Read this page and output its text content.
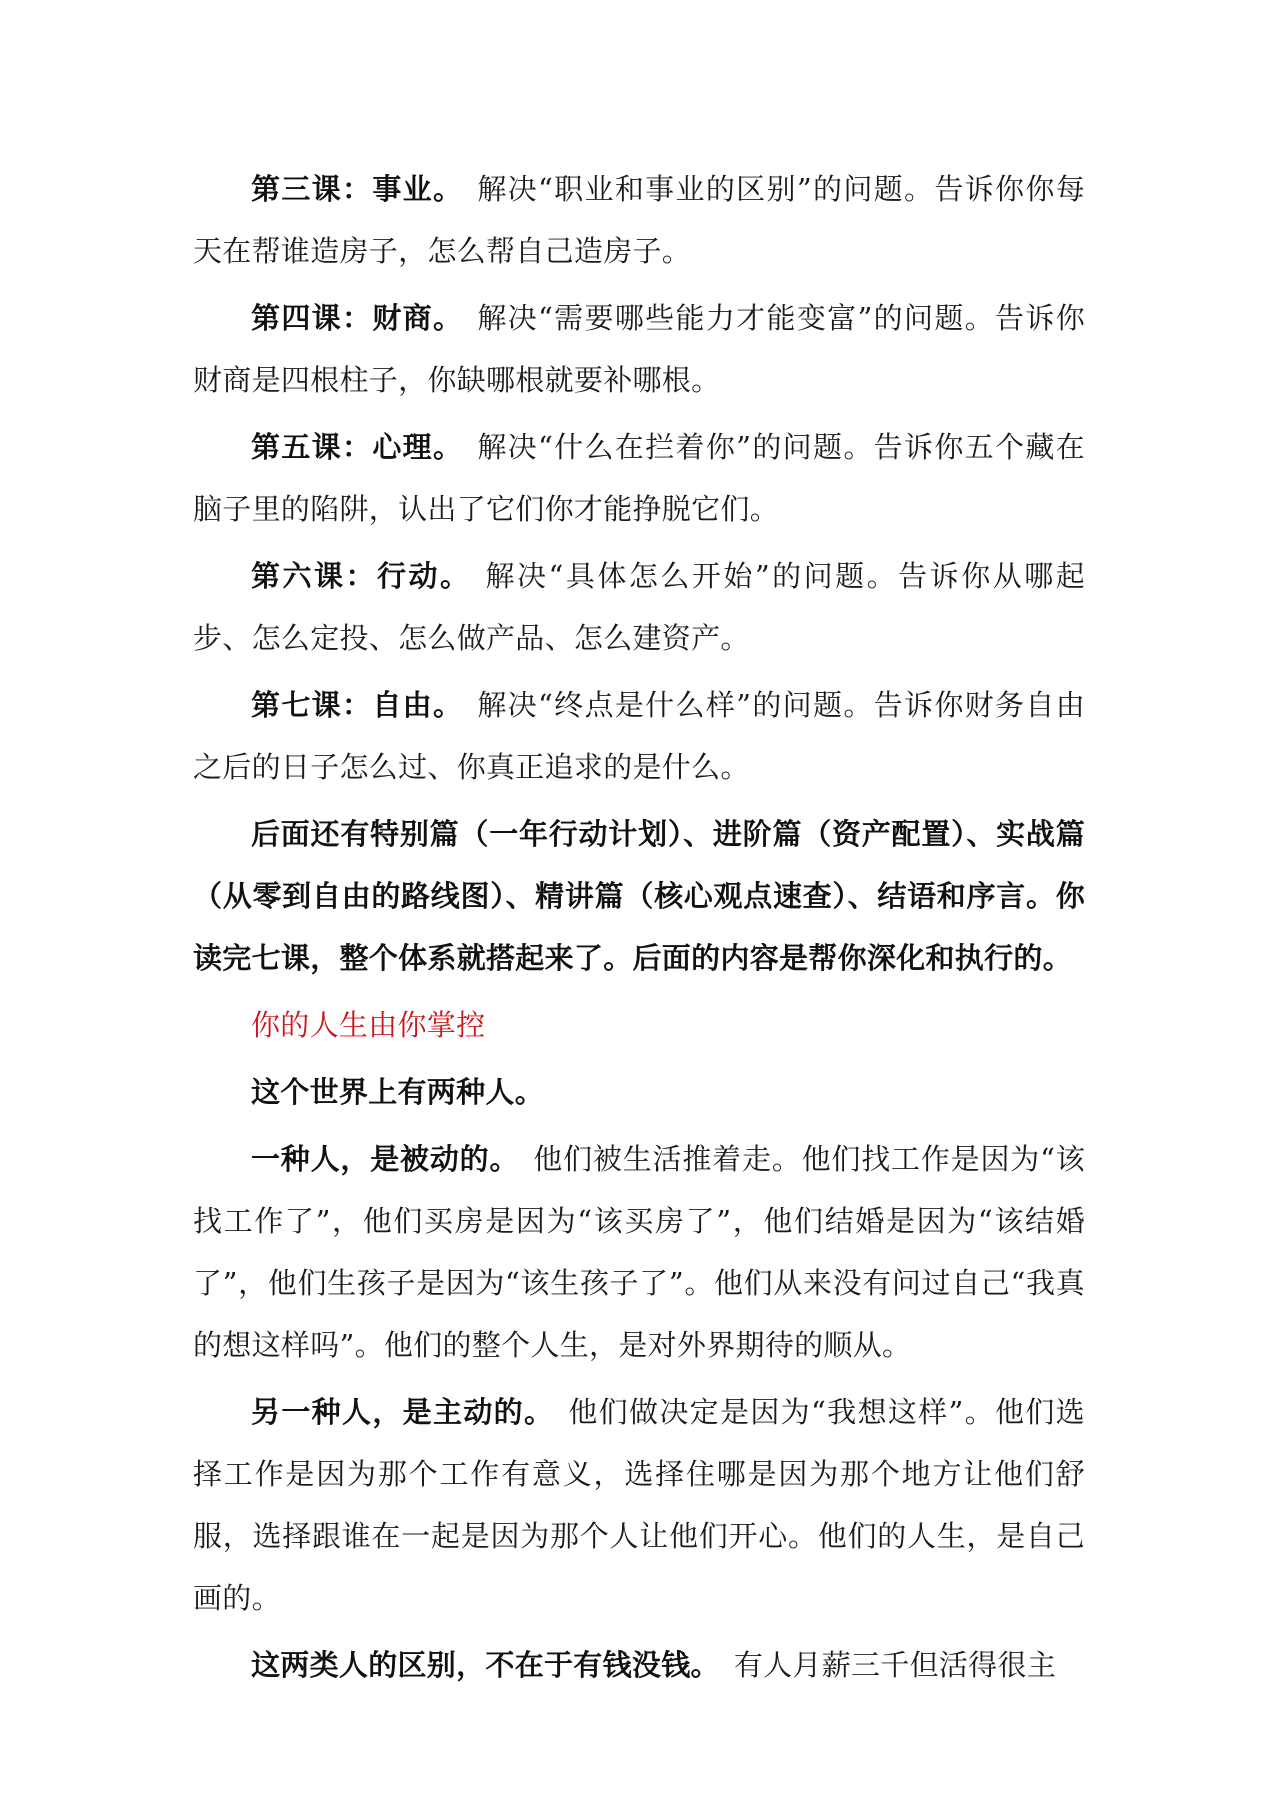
第三课：事业。 解决“职业和事业的区别”的问题。告诉你你每天在帮谁造房子，怎么帮自己造房子。

第四课：财商。 解决“需要哪些能力才能变富”的问题。告诉你财商是四根柱子，你缺哪根就要补哪根。

第五课：心理。 解决“什么在拦着你”的问题。告诉你五个藏在脑子里的陷阱，认出了它们你才能挣脱它们。

第六课：行动。 解决“具体怎么开始”的问题。告诉你从哪起步、怎么定投、怎么做产品、怎么建资产。

第七课：自由。 解决“终点是什么样”的问题。告诉你财务自由之后的日子怎么过、你真正追求的是什么。

后面还有特别篇（一年行动计划）、进阶篇（资产配置）、实战篇（从零到自由的路线图）、精讲篇（核心观点速查）、结语和序言。你读完七课，整个体系就搭起来了。后面的内容是帮你深化和执行的。

你的人生由你掌控

这个世界上有两种人。

一种人，是被动的。 他们被生活推着走。他们找工作是因为“该找工作了”，他们买房是因为“该买房了”，他们结婚是因为“该结婚了”，他们生孩子是因为“该生孩子了”。他们从来没有问过自己“我真的想这样吗”。他们的整个人生，是对外界期待的顺从。

另一种人，是主动的。 他们做决定是因为“我想这样”。他们选择工作是因为那个工作有意义，选择住哪是因为那个地方让他们舒服，选择跟谁在一起是因为那个人让他们开心。他们的人生，是自己画的。

这两类人的区别，不在于有钱没钱。 有人月薪三千但活得很主
